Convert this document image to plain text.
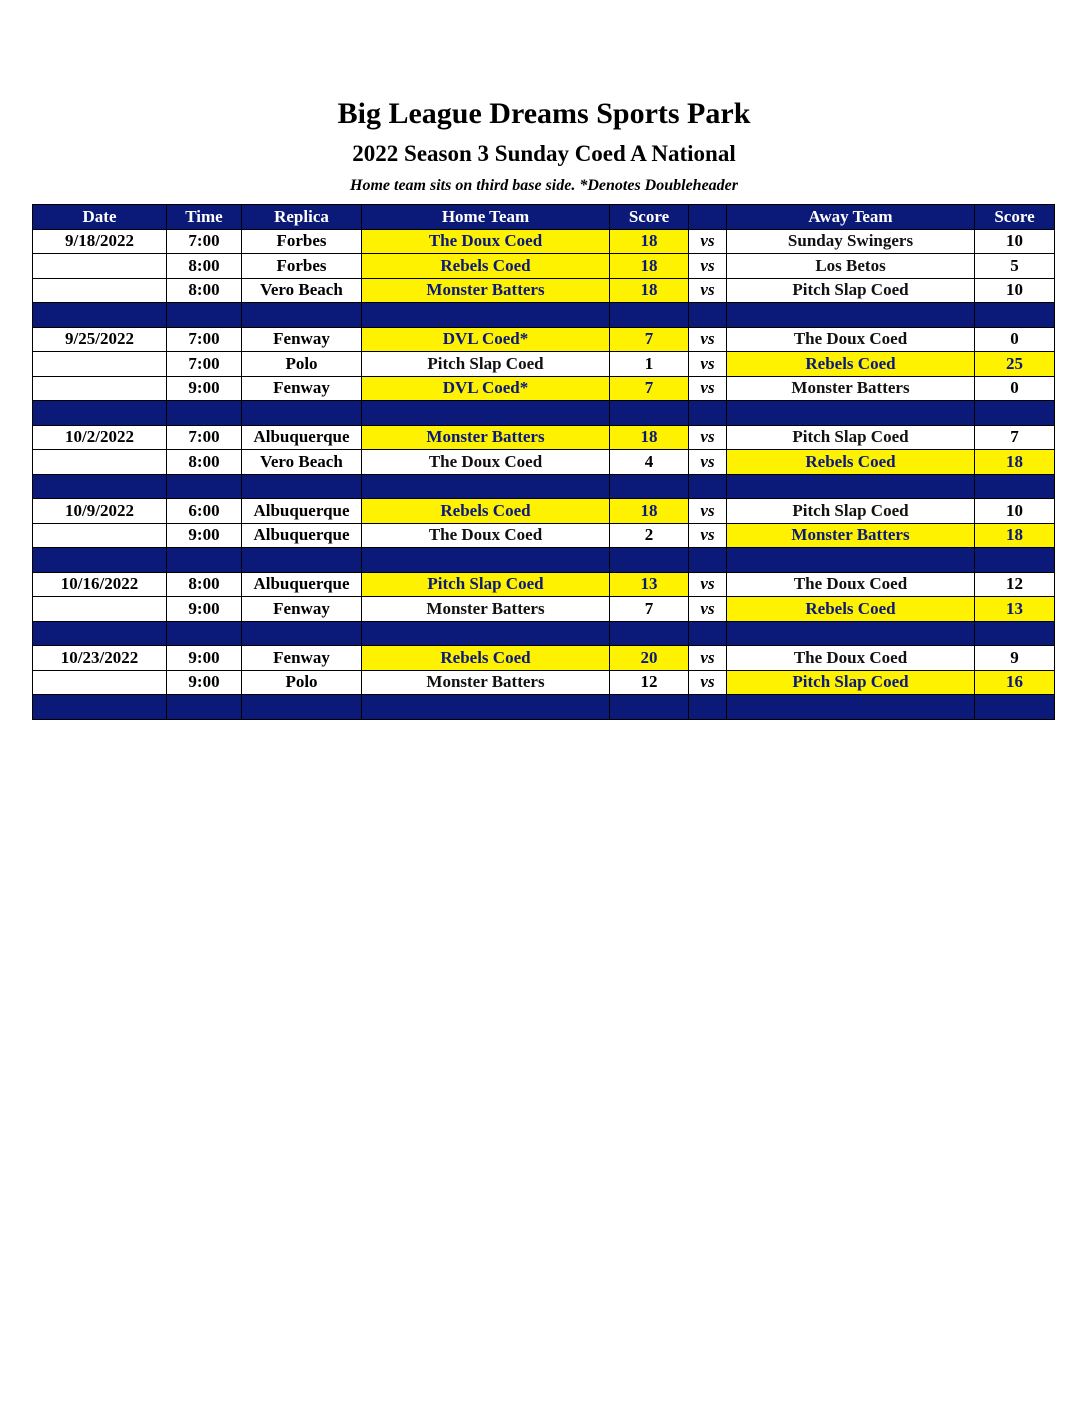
Big League Dreams Sports Park
2022 Season 3 Sunday Coed A National
Home team sits on third base side. *Denotes Doubleheader
Date	Time	Replica	Home Team	Score		Away Team	Score
9/18/2022	7:00	Forbes	The Doux Coed	18	vs	Sunday Swingers	10
	8:00	Forbes	Rebels Coed	18	vs	Los Betos	5
	8:00	Vero Beach	Monster Batters	18	vs	Pitch Slap Coed	10

9/25/2022	7:00	Fenway	DVL Coed*	7	vs	The Doux Coed	0
	7:00	Polo	Pitch Slap Coed	1	vs	Rebels Coed	25
	9:00	Fenway	DVL Coed*	7	vs	Monster Batters	0

10/2/2022	7:00	Albuquerque	Monster Batters	18	vs	Pitch Slap Coed	7
	8:00	Vero Beach	The Doux Coed	4	vs	Rebels Coed	18

10/9/2022	6:00	Albuquerque	Rebels Coed	18	vs	Pitch Slap Coed	10
	9:00	Albuquerque	The Doux Coed	2	vs	Monster Batters	18

10/16/2022	8:00	Albuquerque	Pitch Slap Coed	13	vs	The Doux Coed	12
	9:00	Fenway	Monster Batters	7	vs	Rebels Coed	13

10/23/2022	9:00	Fenway	Rebels Coed	20	vs	The Doux Coed	9
	9:00	Polo	Monster Batters	12	vs	Pitch Slap Coed	16
